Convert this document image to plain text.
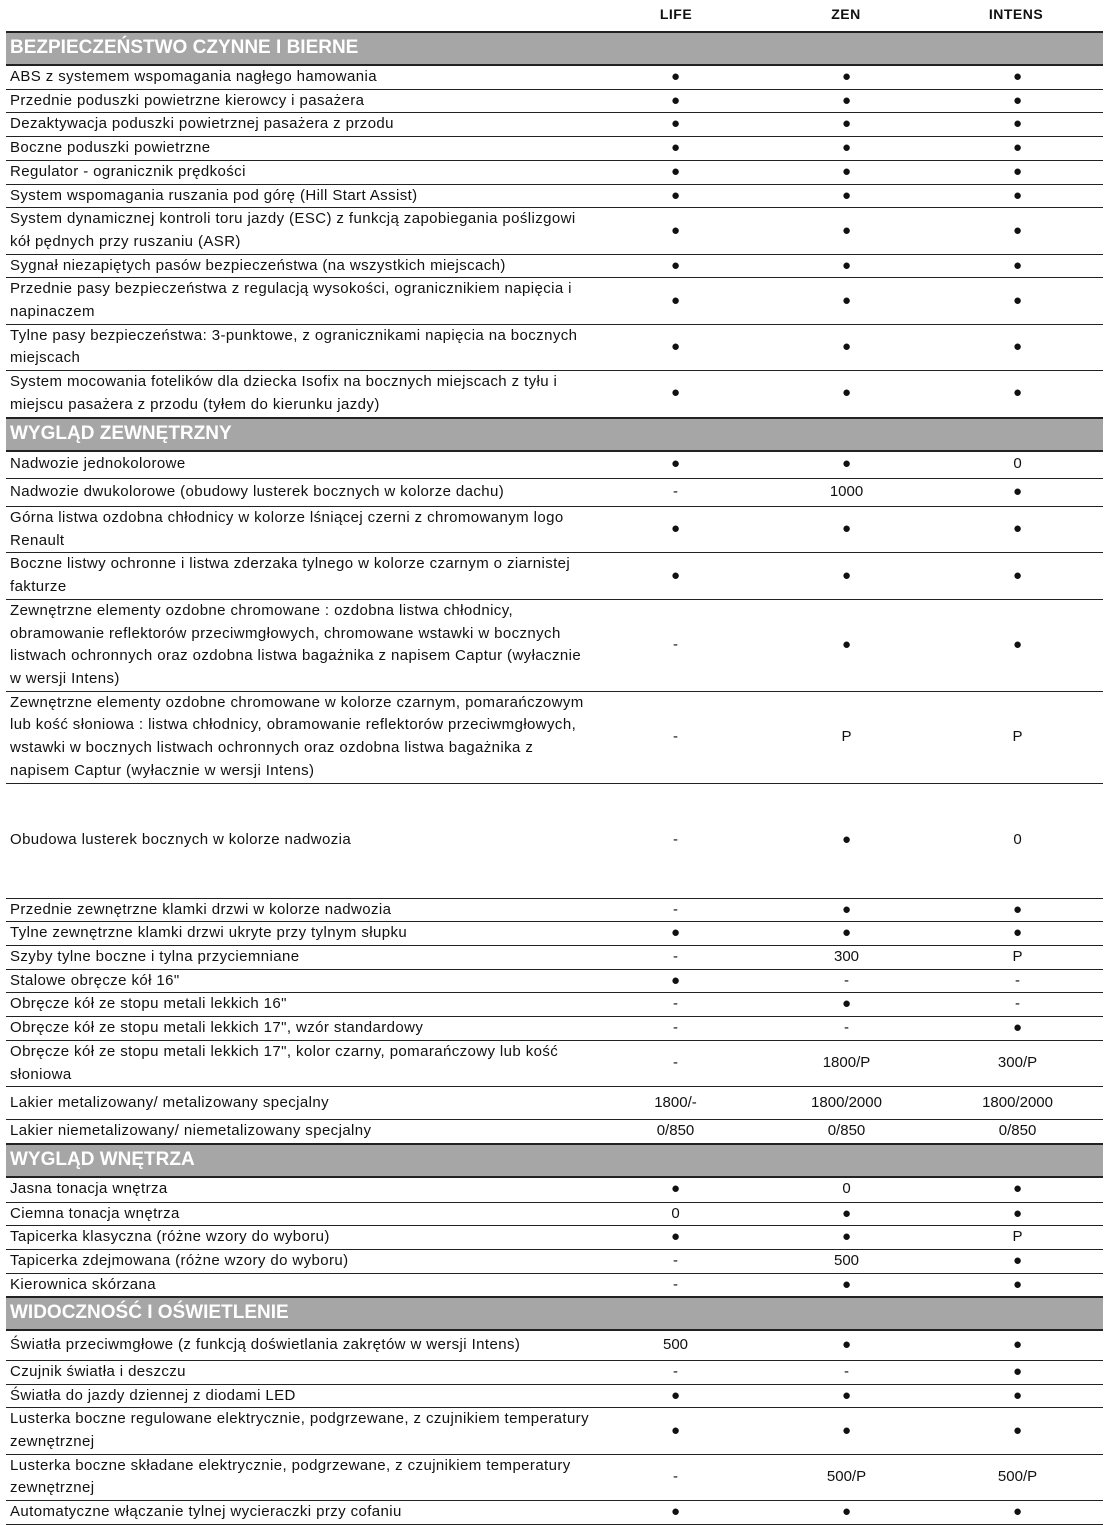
LIFE	ZEN	INTENS
BEZPIECZEŃSTWO CZYNNE I BIERNE			
ABS z systemem wspomagania nagłego hamowania	●	●	●
Przednie poduszki powietrzne kierowcy i pasażera	●	●	●
Dezaktywacja poduszki powietrznej pasażera z przodu	●	●	●
Boczne poduszki powietrzne	●	●	●
Regulator - ogranicznik prędkości	●	●	●
System wspomagania ruszania pod górę (Hill Start Assist)	●	●	●
System dynamicznej kontroli toru jazdy (ESC) z funkcją zapobiegania poślizgowi kół pędnych przy ruszaniu (ASR)	●	●	●
Sygnał niezapiętych pasów bezpieczeństwa (na wszystkich miejscach)	●	●	●
Przednie pasy bezpieczeństwa z regulacją wysokości, ogranicznikiem napięcia i napinaczem	●	●	●
Tylne pasy bezpieczeństwa: 3-punktowe, z ogranicznikami napięcia na bocznych miejscach	●	●	●
System mocowania fotelików dla dziecka Isofix na bocznych miejscach z tyłu i miejscu pasażera z przodu (tyłem do kierunku jazdy)	●	●	●
WYGLĄD ZEWNĘTRZNY			
Nadwozie jednokolorowe	●	●	0
Nadwozie dwukolorowe (obudowy lusterek bocznych w kolorze dachu)	-	1000	●
Górna listwa ozdobna chłodnicy w kolorze lśniącej czerni z chromowanym logo Renault	●	●	●
Boczne listwy ochronne i listwa zderzaka tylnego w kolorze czarnym o ziarnistej fakturze	●	●	●
Zewnętrzne elementy ozdobne chromowane : ozdobna listwa chłodnicy, obramowanie reflektorów przeciwmgłowych, chromowane wstawki w bocznych listwach ochronnych oraz ozdobna listwa bagażnika z napisem Captur (wyłacznie w wersji Intens)	-	●	●
Zewnętrzne elementy ozdobne chromowane w kolorze czarnym, pomarańczowym lub kość słoniowa : listwa chłodnicy, obramowanie reflektorów przeciwmgłowych, wstawki w bocznych listwach ochronnych oraz ozdobna listwa bagażnika z napisem Captur (wyłacznie w wersji Intens)	-	P	P
Obudowa lusterek bocznych w kolorze nadwozia	-	●	0
Przednie zewnętrzne klamki drzwi w kolorze nadwozia	-	●	●
Tylne zewnętrzne klamki drzwi ukryte przy tylnym słupku	●	●	●
Szyby tylne boczne i tylna przyciemniane	-	300	P
Stalowe obręcze kół 16"	●	-	-
Obręcze kół ze stopu metali lekkich 16"	-	●	-
Obręcze kół ze stopu metali lekkich 17", wzór standardowy	-	-	●
Obręcze kół ze stopu metali lekkich 17", kolor czarny, pomarańczowy lub kość słoniowa	-	1800/P	300/P
Lakier metalizowany/ metalizowany specjalny	1800/-	1800/2000	1800/2000
Lakier niemetalizowany/ niemetalizowany specjalny	0/850	0/850	0/850
WYGLĄD WNĘTRZA			
Jasna tonacja wnętrza	●	0	●
Ciemna tonacja wnętrza	0	●	●
Tapicerka klasyczna (różne wzory do wyboru)	●	●	P
Tapicerka zdejmowana (różne wzory do wyboru)	-	500	●
Kierownica skórzana	-	●	●
WIDOCZNOŚĆ I OŚWIETLENIE			
Światła przeciwmgłowe (z funkcją doświetlania zakrętów w wersji Intens)	500	●	●
Czujnik światła i deszczu	-	-	●
Światła do jazdy dziennej z diodami LED	●	●	●
Lusterka boczne regulowane elektrycznie, podgrzewane, z czujnikiem temperatury zewnętrznej	●	●	●
Lusterka boczne składane elektrycznie, podgrzewane, z czujnikiem temperatury zewnętrznej	-	500/P	500/P
Automatyczne włączanie tylnej wycieraczki przy cofaniu	●	●	●
